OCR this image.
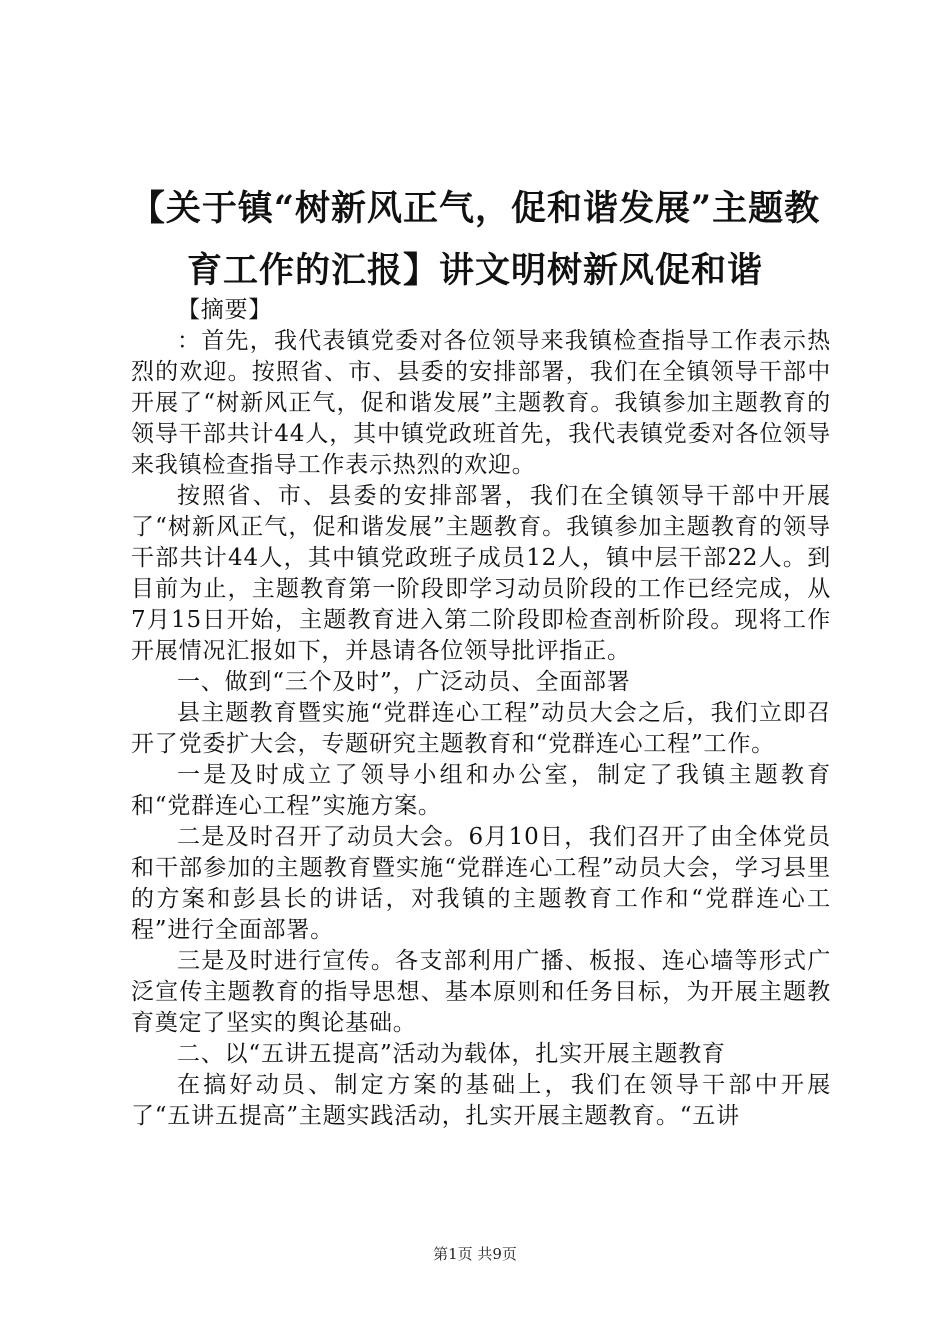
【关于镇“树新风正气，促和谐发展”主题教
育工作的汇报】讲文明树新风促和谐

【摘要】

：首先，我代表镇党委对各位领导来我镇检查指导工作表示热烈的欢迎。按照省、市、县委的安排部署，我们在全镇领导干部中开展了“树新风正气，促和谐发展”主题教育。我镇参加主题教育的领导干部共计44人，其中镇党政班首先，我代表镇党委对各位领导来我镇检查指导工作表示热烈的欢迎。

按照省、市、县委的安排部署，我们在全镇领导干部中开展了“树新风正气，促和谐发展”主题教育。我镇参加主题教育的领导干部共计44人，其中镇党政班子成员12人，镇中层干部22人。到目前为止，主题教育第一阶段即学习动员阶段的工作已经完成，从7月15日开始，主题教育进入第二阶段即检查剖析阶段。现将工作开展情况汇报如下，并恳请各位领导批评指正。

一、做到“三个及时”，广泛动员、全面部署

县主题教育暨实施“党群连心工程”动员大会之后，我们立即召开了党委扩大会，专题研究主题教育和“党群连心工程”工作。

一是及时成立了领导小组和办公室，制定了我镇主题教育和“党群连心工程”实施方案。

二是及时召开了动员大会。6月10日，我们召开了由全体党员和干部参加的主题教育暨实施“党群连心工程”动员大会，学习县里的方案和彭县长的讲话，对我镇的主题教育工作和“党群连心工程”进行全面部署。

三是及时进行宣传。各支部利用广播、板报、连心墙等形式广泛宣传主题教育的指导思想、基本原则和任务目标，为开展主题教育奠定了坚实的舆论基础。

二、以“五讲五提高”活动为载体，扎实开展主题教育

在搞好动员、制定方案的基础上，我们在领导干部中开展了“五讲五提高”主题实践活动，扎实开展主题教育。“五讲

第1页 共9页
